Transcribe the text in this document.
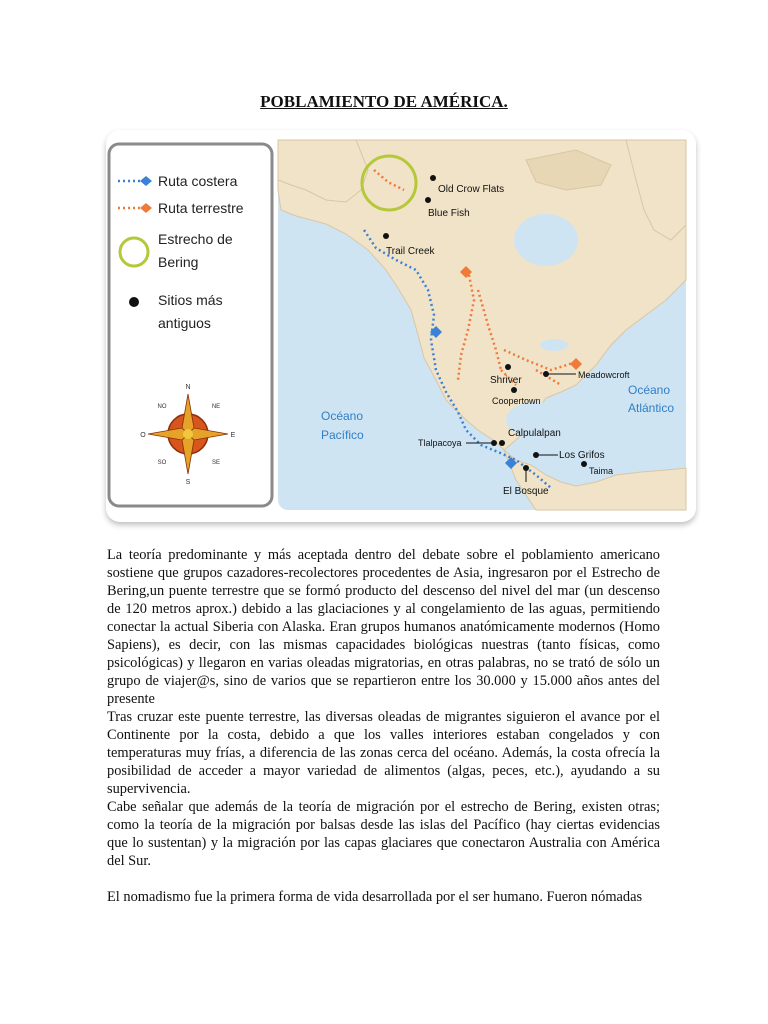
POBLAMIENTO DE AMÉRICA.
Ruta costera
Ruta terrestre
Estrecho de
Bering
Sitios más
antiguos
N
S
E
O
NE
NO
SE
SO
Old Crow Flats
Blue Fish
Trail Creek
Meadowcroft
Shriver
Coopertown
Calpulalpan
Tlalpacoya
Los Grifos
Taima
El Bosque
Océano
Pacífico
Océano
Atlántico

La teoría predominante y más aceptada dentro del debate sobre el poblamiento americano sostiene que grupos cazadores-recolectores procedentes de Asia, ingresaron por el Estrecho de Bering,un puente terrestre que se formó producto del descenso del nivel del mar (un descenso de 120 metros aprox.) debido a las glaciaciones y al congelamiento de las aguas, permitiendo conectar la actual Siberia con Alaska. Eran grupos humanos anatómicamente modernos (Homo Sapiens), es decir, con las mismas capacidades biológicas nuestras (tanto físicas, como psicológicas) y llegaron en varias oleadas migratorias, en otras palabras, no se trató de sólo un grupo de viajer@s, sino de varios que se repartieron entre los 30.000 y 15.000 años antes del presente

Tras cruzar este puente terrestre, las diversas oleadas de migrantes siguieron el avance por el Continente por la costa, debido a que los valles interiores estaban congelados y con temperaturas muy frías, a diferencia de las zonas cerca del océano. Además, la costa ofrecía la posibilidad de acceder a mayor variedad de alimentos (algas, peces, etc.), ayudando a su supervivencia.

Cabe señalar que además de la teoría de migración por el estrecho de Bering, existen otras; como la teoría de la migración por balsas desde las islas del Pacífico (hay ciertas evidencias que lo sustentan) y la migración por las capas glaciares que conectaron Australia con América del Sur.

El nomadismo fue la primera forma de vida desarrollada por el ser humano. Fueron nómadas
